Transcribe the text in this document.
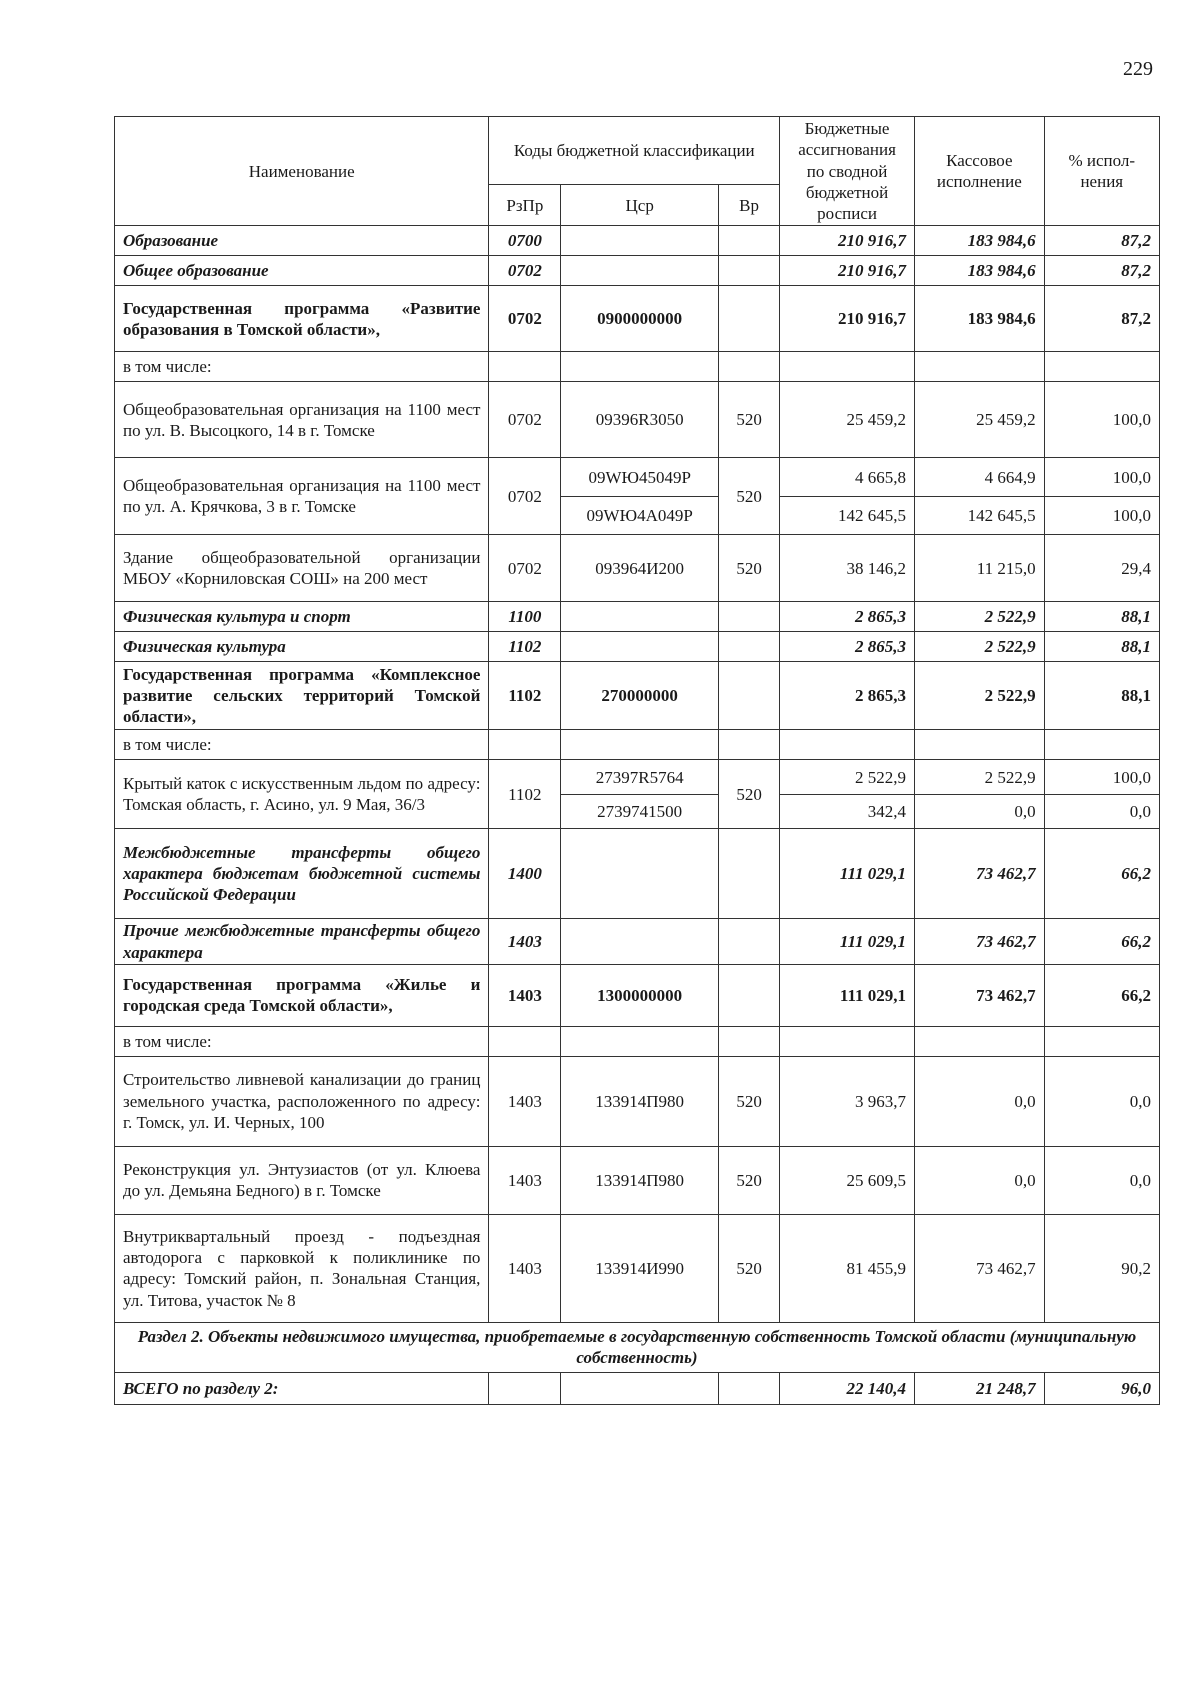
229
Наименование	Коды бюджетной классификации			Бюджетные ассигнования по сводной бюджетной росписи	Кассовое исполнение	% испол-нения
	РзПр	Цср	Вр			
Образование	0700			210 916,7	183 984,6	87,2
Общее образование	0702			210 916,7	183 984,6	87,2
Государственная программа «Развитие образования в Томской области»,	0702	0900000000		210 916,7	183 984,6	87,2
в том числе:						
Общеобразовательная организация на 1100 мест по ул. В. Высоцкого, 14 в г. Томске	0702	09396R3050	520	25 459,2	25 459,2	100,0
Общеобразовательная организация на 1100 мест по ул. А. Крячкова, 3 в г. Томске	0702	09WЮ45049P	520	4 665,8	4 664,9	100,0
		09WЮ4A049P		142 645,5	142 645,5	100,0
Здание общеобразовательной организации МБОУ «Корниловская СОШ» на 200 мест	0702	093964И200	520	38 146,2	11 215,0	29,4
Физическая культура и спорт	1100			2 865,3	2 522,9	88,1
Физическая культура	1102			2 865,3	2 522,9	88,1
Государственная программа «Комплексное развитие сельских территорий Томской области»,	1102	270000000		2 865,3	2 522,9	88,1
в том числе:						
Крытый каток с искусственным льдом по адресу: Томская область, г. Асино, ул. 9 Мая, 36/3	1102	27397R5764	520	2 522,9	2 522,9	100,0
		2739741500		342,4	0,0	0,0
Межбюджетные трансферты общего характера бюджетам бюджетной системы Российской Федерации	1400			111 029,1	73 462,7	66,2
Прочие межбюджетные трансферты общего характера	1403			111 029,1	73 462,7	66,2
Государственная программа «Жилье и городская среда Томской области»,	1403	1300000000		111 029,1	73 462,7	66,2
в том числе:						
Строительство ливневой канализации до границ земельного участка, расположенного по адресу: г. Томск, ул. И. Черных, 100	1403	133914П980	520	3 963,7	0,0	0,0
Реконструкция ул. Энтузиастов (от ул. Клюева до ул. Демьяна Бедного) в г. Томске	1403	133914П980	520	25 609,5	0,0	0,0
Внутриквартальный проезд - подъездная автодорога с парковкой к поликлинике по адресу: Томский район, п. Зональная Станция, ул. Титова, участок № 8	1403	133914И990	520	81 455,9	73 462,7	90,2
Раздел 2. Объекты недвижимого имущества, приобретаемые в государственную собственность Томской области (муниципальную собственность)						
ВСЕГО по разделу 2:				22 140,4	21 248,7	96,0
